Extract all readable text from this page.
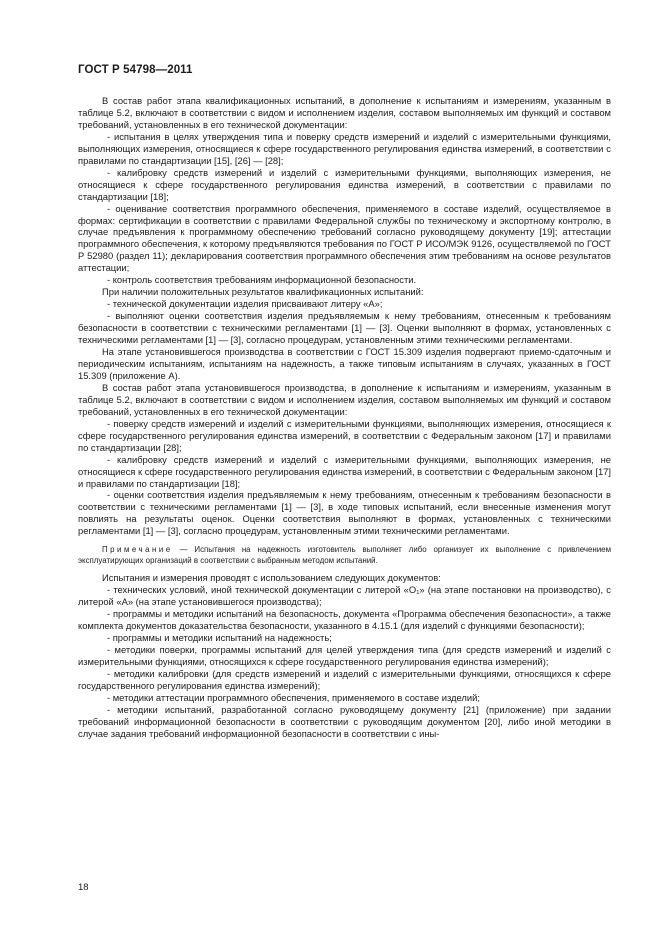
ГОСТ Р 54798—2011

В состав работ этапа квалификационных испытаний, в дополнение к испытаниям и измерениям, указанным в таблице 5.2, включают в соответствии с видом и исполнением изделия, составом выполняемых им функций и составом требований, установленных в его технической документации:

- испытания в целях утверждения типа и поверку средств измерений и изделий с измерительными функциями, выполняющих измерения, относящиеся к сфере государственного регулирования единства измерений, в соответствии с правилами по стандартизации [15], [26] — [28];

- калибровку средств измерений и изделий с измерительными функциями, выполняющих измерения, не относящиеся к сфере государственного регулирования единства измерений, в соответствии с правилами по стандартизации [18];

- оценивание соответствия программного обеспечения, применяемого в составе изделий, осуществляемое в формах: сертификации в соответствии с правилами Федеральной службы по техническому и экспортному контролю, в случае предъявления к программному обеспечению требований согласно руководящему документу [19]; аттестации программного обеспечения, к которому предъявляются требования по ГОСТ Р ИСО/МЭК 9126, осуществляемой по ГОСТ Р 52980 (раздел 11); декларирования соответствия программного обеспечения этим требованиям на основе результатов аттестации;

- контроль соответствия требованиям информационной безопасности.

При наличии положительных результатов квалификационных испытаний:

- технической документации изделия присваивают литеру «А»;

- выполняют оценки соответствия изделия предъявляемым к нему требованиям, отнесенным к требованиям безопасности в соответствии с техническими регламентами [1] — [3]. Оценки выполняют в формах, установленных с техническими регламентами [1] — [3], согласно процедурам, установленным этими техническими регламентами.

На этапе установившегося производства в соответствии с ГОСТ 15.309 изделия подвергают приемо-сдаточным и периодическим испытаниям, испытаниям на надежность, а также типовым испытаниям в случаях, указанных в ГОСТ 15.309 (приложение А).

В состав работ этапа установившегося производства, в дополнение к испытаниям и измерениям, указанным в таблице 5.2, включают в соответствии с видом и исполнением изделия, составом выполняемых им функций и составом требований, установленных в его технической документации:

- поверку средств измерений и изделий с измерительными функциями, выполняющих измерения, относящиеся к сфере государственного регулирования единства измерений, в соответствии с Федеральным законом [17] и правилами по стандартизации [28];

- калибровку средств измерений и изделий с измерительными функциями, выполняющих измерения, не относящиеся к сфере государственного регулирования единства измерений, в соответствии с Федеральным законом [17] и правилами по стандартизации [18];

- оценки соответствия изделия предъявляемым к нему требованиям, отнесенным к требованиям безопасности в соответствии с техническими регламентами [1] — [3], в ходе типовых испытаний, если внесенные изменения могут повлиять на результаты оценок. Оценки соответствия выполняют в формах, установленных с техническими регламентами [1] — [3], согласно процедурам, установленным этими техническими регламентами.

Примечание — Испытания на надежность изготовитель выполняет либо организует их выполнение с привлечением эксплуатирующих организаций в соответствии с выбранным методом испытаний.

Испытания и измерения проводят с использованием следующих документов:

- технических условий, иной технической документации с литерой «O₁» (на этапе постановки на производство), с литерой «А» (на этапе установившегося производства);

- программы и методики испытаний на безопасность, документа «Программа обеспечения безопасности», а также комплекта документов доказательства безопасности, указанного в 4.15.1 (для изделий с функциями безопасности);

- программы и методики испытаний на надежность;

- методики поверки, программы испытаний для целей утверждения типа (для средств измерений и изделий с измерительными функциями, относящихся к сфере государственного регулирования единства измерений);

- методики калибровки (для средств измерений и изделий с измерительными функциями, относящихся к сфере государственного регулирования единства измерений);

- методики аттестации программного обеспечения, применяемого в составе изделий;

- методики испытаний, разработанной согласно руководящему документу [21] (приложение) при задании требований информационной безопасности в соответствии с руководящим документом [20], либо иной методики в случае задания требований информационной безопасности в соответствии с ины-

18
